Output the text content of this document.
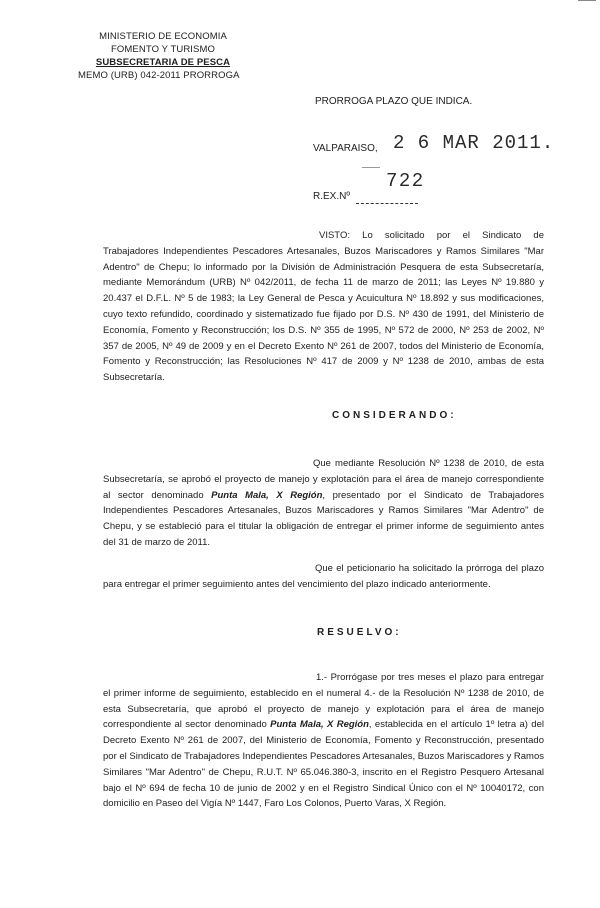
MINISTERIO DE ECONOMIA
FOMENTO Y TURISMO
SUBSECRETARIA DE PESCA
MEMO (URB) 042-2011 PRORROGA
PRORROGA PLAZO QUE INDICA.
VALPARAISO, 2 6 MAR 2011.
722
R.EX.Nº

VISTO: Lo solicitado por el Sindicato de Trabajadores Independientes Pescadores Artesanales, Buzos Mariscadores y Ramos Similares "Mar Adentro" de Chepu; lo informado por la División de Administración Pesquera de esta Subsecretaría, mediante Memorándum (URB) Nº 042/2011, de fecha 11 de marzo de 2011; las Leyes Nº 19.880 y 20.437 el D.F.L. Nº 5 de 1983; la Ley General de Pesca y Acuicultura Nº 18.892 y sus modificaciones, cuyo texto refundido, coordinado y sistematizado fue fijado por D.S. Nº 430 de 1991, del Ministerio de Economía, Fomento y Reconstrucción; los D.S. Nº 355 de 1995, Nº 572 de 2000, Nº 253 de 2002, Nº 357 de 2005, Nº 49 de 2009 y en el Decreto Exento Nº 261 de 2007, todos del Ministerio de Economía, Fomento y Reconstrucción; las Resoluciones Nº 417 de 2009 y Nº 1238 de 2010, ambas de esta Subsecretaría.

CONSIDERANDO:

Que mediante Resolución Nº 1238 de 2010, de esta Subsecretaría, se aprobó el proyecto de manejo y explotación para el área de manejo correspondiente al sector denominado Punta Mala, X Región, presentado por el Sindicato de Trabajadores Independientes Pescadores Artesanales, Buzos Mariscadores y Ramos Similares "Mar Adentro" de Chepu, y se estableció para el titular la obligación de entregar el primer informe de seguimiento antes del 31 de marzo de 2011.

Que el peticionario ha solicitado la prórroga del plazo para entregar el primer seguimiento antes del vencimiento del plazo indicado anteriormente.

RESUELVO:

1.- Prorrógase por tres meses el plazo para entregar el primer informe de seguimiento, establecido en el numeral 4.- de la Resolución Nº 1238 de 2010, de esta Subsecretaría, que aprobó el proyecto de manejo y explotación para el área de manejo correspondiente al sector denominado Punta Mala, X Región, establecida en el artículo 1º letra a) del Decreto Exento Nº 261 de 2007, del Ministerio de Economía, Fomento y Reconstrucción, presentado por el Sindicato de Trabajadores Independientes Pescadores Artesanales, Buzos Mariscadores y Ramos Similares "Mar Adentro" de Chepu, R.U.T. Nº 65.046.380-3, inscrito en el Registro Pesquero Artesanal bajo el Nº 694 de fecha 10 de junio de 2002 y en el Registro Sindical Único con el Nº 10040172, con domicilio en Paseo del Vigía Nº 1447, Faro Los Colonos, Puerto Varas, X Región.
